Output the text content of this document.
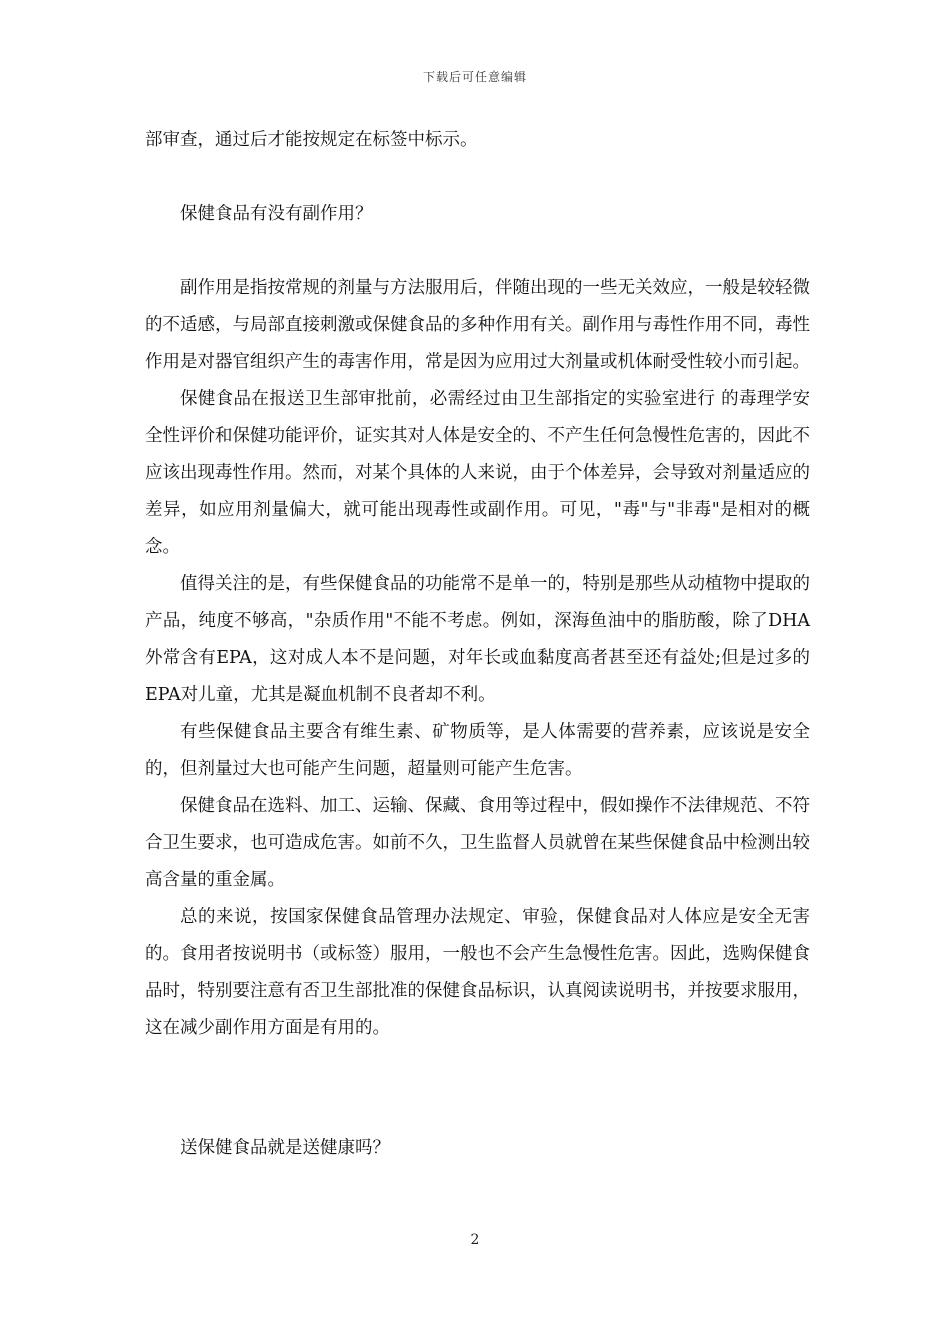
下载后可任意编辑

部审查，通过后才能按规定在标签中标示。

保健食品有没有副作用？

副作用是指按常规的剂量与方法服用后，伴随出现的一些无关效应，一般是较轻微的不适感，与局部直接刺激或保健食品的多种作用有关。副作用与毒性作用不同，毒性作用是对器官组织产生的毒害作用，常是因为应用过大剂量或机体耐受性较小而引起。

保健食品在报送卫生部审批前，必需经过由卫生部指定的实验室进行 的毒理学安全性评价和保健功能评价，证实其对人体是安全的、不产生任何急慢性危害的，因此不应该出现毒性作用。然而，对某个具体的人来说，由于个体差异，会导致对剂量适应的差异，如应用剂量偏大，就可能出现毒性或副作用。可见，"毒"与"非毒"是相对的概念。

值得关注的是，有些保健食品的功能常不是单一的，特别是那些从动植物中提取的产品，纯度不够高，"杂质作用"不能不考虑。例如，深海鱼油中的脂肪酸，除了DHA外常含有EPA，这对成人本不是问题，对年长或血黏度高者甚至还有益处;但是过多的EPA对儿童，尤其是凝血机制不良者却不利。

有些保健食品主要含有维生素、矿物质等，是人体需要的营养素，应该说是安全的，但剂量过大也可能产生问题，超量则可能产生危害。

保健食品在选料、加工、运输、保藏、食用等过程中，假如操作不法律规范、不符合卫生要求，也可造成危害。如前不久，卫生监督人员就曾在某些保健食品中检测出较高含量的重金属。

总的来说，按国家保健食品管理办法规定、审验，保健食品对人体应是安全无害的。食用者按说明书（或标签）服用，一般也不会产生急慢性危害。因此，选购保健食品时，特别要注意有否卫生部批准的保健食品标识，认真阅读说明书，并按要求服用，这在减少副作用方面是有用的。

送保健食品就是送健康吗？

2
